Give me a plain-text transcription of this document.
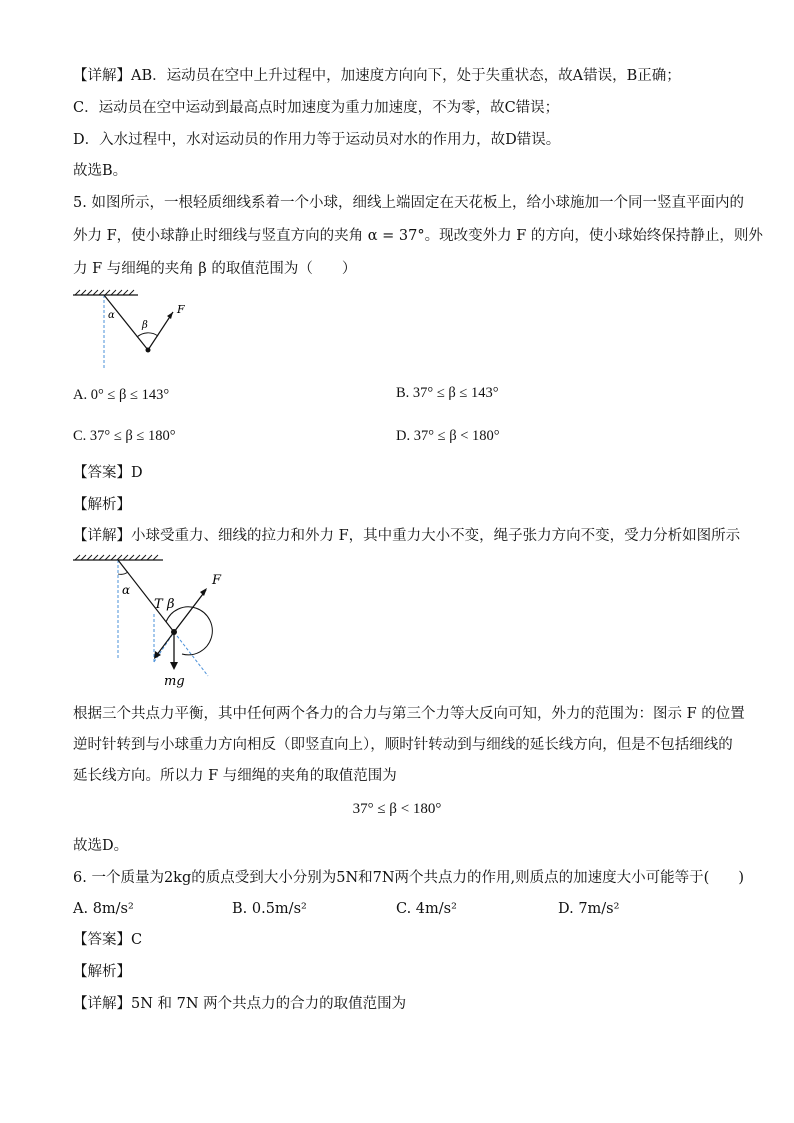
【详解】AB．运动员在空中上升过程中，加速度方向向下，处于失重状态，故A错误，B正确；
C．运动员在空中运动到最高点时加速度为重力加速度，不为零，故C错误；
D．入水过程中，水对运动员的作用力等于运动员对水的作用力，故D错误。
故选B。
5. 如图所示，一根轻质细线系着一个小球，细线上端固定在天花板上，给小球施加一个同一竖直平面内的
外力 F，使小球静止时细线与竖直方向的夹角 α = 37°。现改变外力 F 的方向，使小球始终保持静止，则外
力 F 与细绳的夹角 β 的取值范围为（　　）
α
β
F
A. 0° ≤ β ≤ 143°	B. 37° ≤ β ≤ 143°
C. 37° ≤ β ≤ 180°	D. 37° ≤ β < 180°
【答案】D
【解析】
【详解】小球受重力、细线的拉力和外力 F，其中重力大小不变，绳子张力方向不变，受力分析如图所示
α
T β
F
mg
根据三个共点力平衡，其中任何两个各力的合力与第三个力等大反向可知，外力的范围为：图示 F 的位置
逆时针转到与小球重力方向相反（即竖直向上），顺时针转动到与细线的延长线方向，但是不包括细线的
延长线方向。所以力 F 与细绳的夹角的取值范围为
37° ≤ β < 180°
故选D。
6. 一个质量为2kg的质点受到大小分别为5N和7N两个共点力的作用,则质点的加速度大小可能等于(　　)
A. 8m/s²	B. 0.5m/s²	C. 4m/s²	D. 7m/s²
【答案】C
【解析】
【详解】5N 和 7N 两个共点力的合力的取值范围为
